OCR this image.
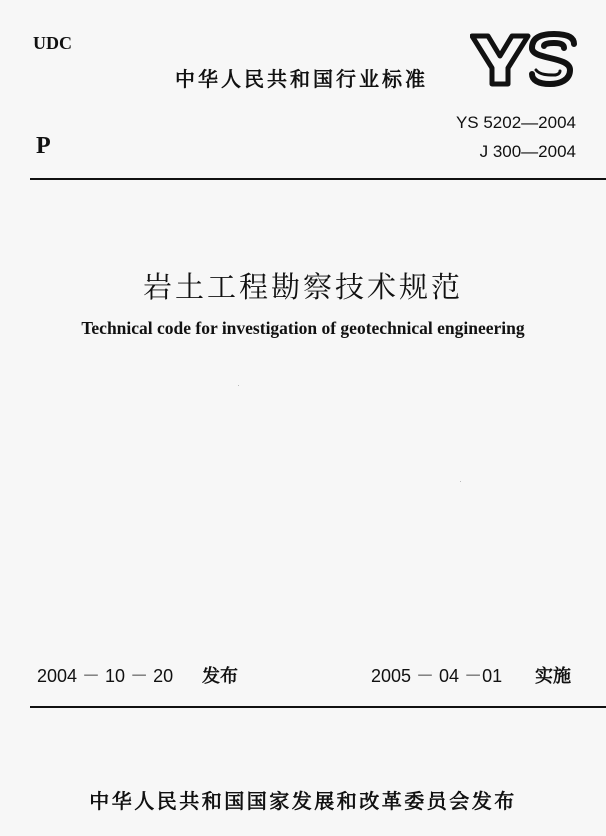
UDC
中华人民共和国行业标准
P
YS 5202—2004
J 300—2004
岩土工程勘察技术规范
Technical code for investigation of geotechnical engineering
2004 － 10 － 20 发布	2005 － 04 －01 实施
中华人民共和国国家发展和改革委员会发布
